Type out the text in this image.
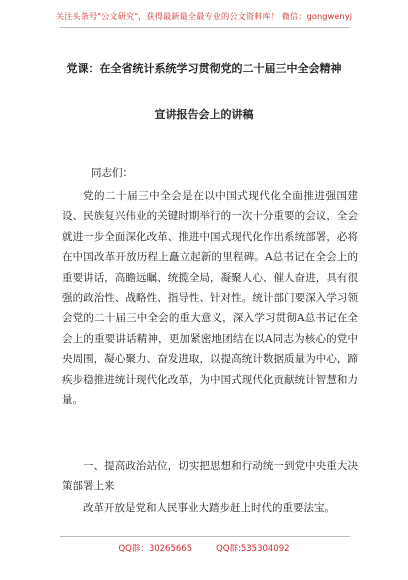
关注头条号"公文研究"，获得最新最全最专业的公文资料库！ 微信：gongwenyj
党课：在全省统计系统学习贯彻党的二十届三中全会精神
宣讲报告会上的讲稿
同志们：

党的二十届三中全会是在以中国式现代化全面推进强国建设、民族复兴伟业的关键时期举行的一次十分重要的会议，全会就进一步全面深化改革、推进中国式现代化作出系统部署，必将在中国改革开放历程上矗立起新的里程碑。A总书记在全会上的重要讲话，高瞻远瞩、统揽全局，凝聚人心、催人奋进，具有很强的政治性、战略性、指导性、针对性。统计部门要深入学习领会党的二十届三中全会的重大意义，深入学习贯彻A总书记在全会上的重要讲话精神，更加紧密地团结在以A同志为核心的党中央周围，凝心聚力、奋发进取，以提高统计数据质量为中心，蹄疾步稳推进统计现代化改革，为中国式现代化贡献统计智慧和力量。

一、提高政治站位，切实把思想和行动统一到党中央重大决策部署上来

改革开放是党和人民事业大踏步赶上时代的重要法宝。

QQ群：30265665	QQ群:535304092
